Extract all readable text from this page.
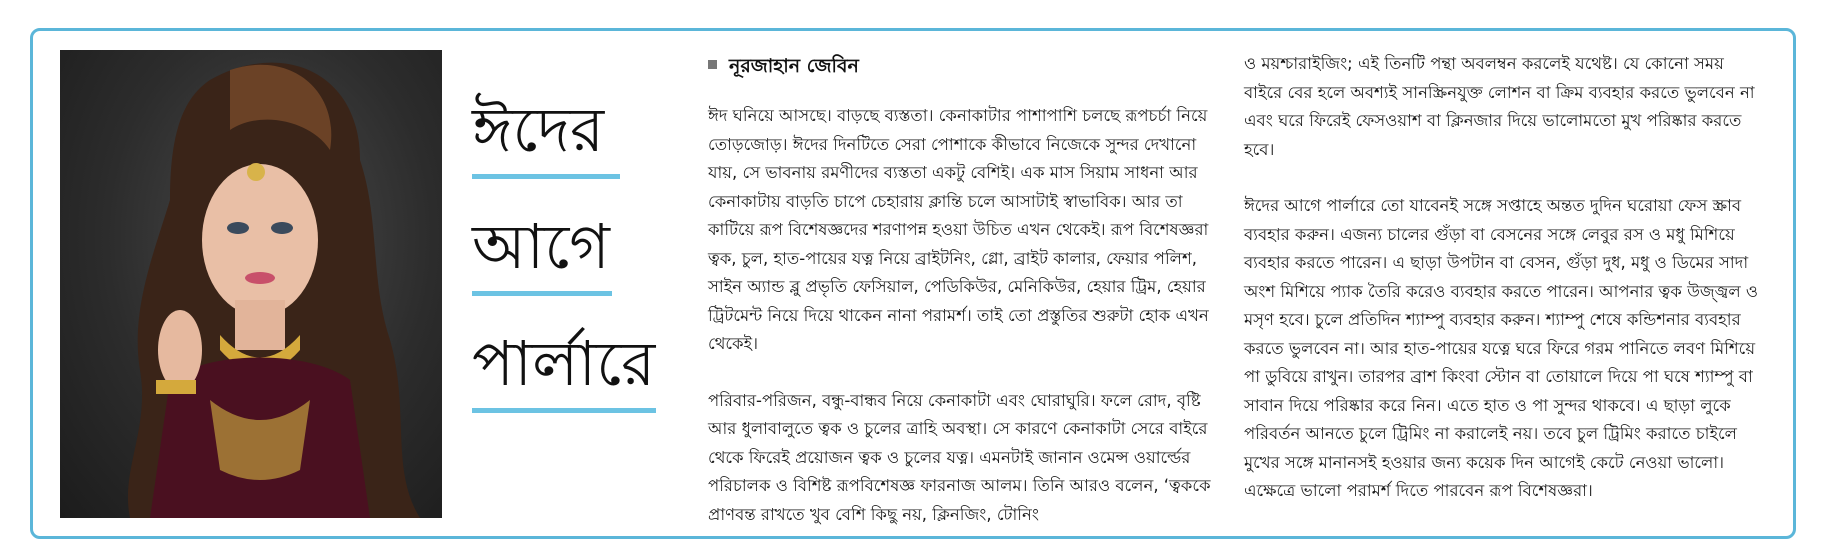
ঈদের

আগে

পার্লারে

নূরজাহান জেবিন

ঈদ ঘনিয়ে আসছে। বাড়ছে ব্যস্ততা। কেনাকাটার পাশাপাশি চলছে রূপচর্চা নিয়ে তোড়জোড়। ঈদের দিনটিতে সেরা পোশাকে কীভাবে নিজেকে সুন্দর দেখানো যায়, সে ভাবনায় রমণীদের ব্যস্ততা একটু বেশিই। এক মাস সিয়াম সাধনা আর কেনাকাটায় বাড়তি চাপে চেহারায় ক্লান্তি চলে আসাটাই স্বাভাবিক। আর তা কাটিয়ে রূপ বিশেষজ্ঞদের শরণাপন্ন হওয়া উচিত এখন থেকেই। রূপ বিশেষজ্ঞরা ত্বক, চুল, হাত-পায়ের যত্ন নিয়ে ব্রাইটনিং, গ্লো, ব্রাইট কালার, ফেয়ার পলিশ, সাইন অ্যান্ড ব্লু প্রভৃতি ফেসিয়াল, পেডিকিউর, মেনিকিউর, হেয়ার ট্রিম, হেয়ার ট্রিটমেন্ট নিয়ে দিয়ে থাকেন নানা পরামর্শ। তাই তো প্রস্তুতির শুরুটা হোক এখন থেকেই।

পরিবার-পরিজন, বন্ধু-বান্ধব নিয়ে কেনাকাটা এবং ঘোরাঘুরি। ফলে রোদ, বৃষ্টি আর ধুলাবালুতে ত্বক ও চুলের ত্রাহি অবস্থা। সে কারণে কেনাকাটা সেরে বাইরে থেকে ফিরেই প্রয়োজন ত্বক ও চুলের যত্ন। এমনটাই জানান ওমেন্স ওয়ার্ল্ডের পরিচালক ও বিশিষ্ট রূপবিশেষজ্ঞ ফারনাজ আলম। তিনি আরও বলেন, ‘ত্বককে প্রাণবন্ত রাখতে খুব বেশি কিছু নয়, ক্লিনজিং, টোনিং

ও ময়শ্চারাইজিং; এই তিনটি পন্থা অবলম্বন করলেই যথেষ্ট। যে কোনো সময় বাইরে বের হলে অবশ্যই সানস্ক্রিনযুক্ত লোশন বা ক্রিম ব্যবহার করতে ভুলবেন না এবং ঘরে ফিরেই ফেসওয়াশ বা ক্লিনজার দিয়ে ভালোমতো মুখ পরিষ্কার করতে হবে।

ঈদের আগে পার্লারে তো যাবেনই সঙ্গে সপ্তাহে অন্তত দুদিন ঘরোয়া ফেস স্ক্রাব ব্যবহার করুন। এজন্য চালের গুঁড়া বা বেসনের সঙ্গে লেবুর রস ও মধু মিশিয়ে ব্যবহার করতে পারেন। এ ছাড়া উপটান বা বেসন, গুঁড়া দুধ, মধু ও ডিমের সাদা অংশ মিশিয়ে প্যাক তৈরি করেও ব্যবহার করতে পারেন। আপনার ত্বক উজ্জ্বল ও মসৃণ হবে। চুলে প্রতিদিন শ্যাম্পু ব্যবহার করুন। শ্যাম্পু শেষে কন্ডিশনার ব্যবহার করতে ভুলবেন না। আর হাত-পায়ের যত্নে ঘরে ফিরে গরম পানিতে লবণ মিশিয়ে পা ডুবিয়ে রাখুন। তারপর ব্রাশ কিংবা স্টোন বা তোয়ালে দিয়ে পা ঘষে শ্যাম্পু বা সাবান দিয়ে পরিষ্কার করে নিন। এতে হাত ও পা সুন্দর থাকবে। এ ছাড়া লুকে পরিবর্তন আনতে চুলে ট্রিমিং না করালেই নয়। তবে চুল ট্রিমিং করাতে চাইলে মুখের সঙ্গে মানানসই হওয়ার জন্য কয়েক দিন আগেই কেটে নেওয়া ভালো। এক্ষেত্রে ভালো পরামর্শ দিতে পারবেন রূপ বিশেষজ্ঞরা।
